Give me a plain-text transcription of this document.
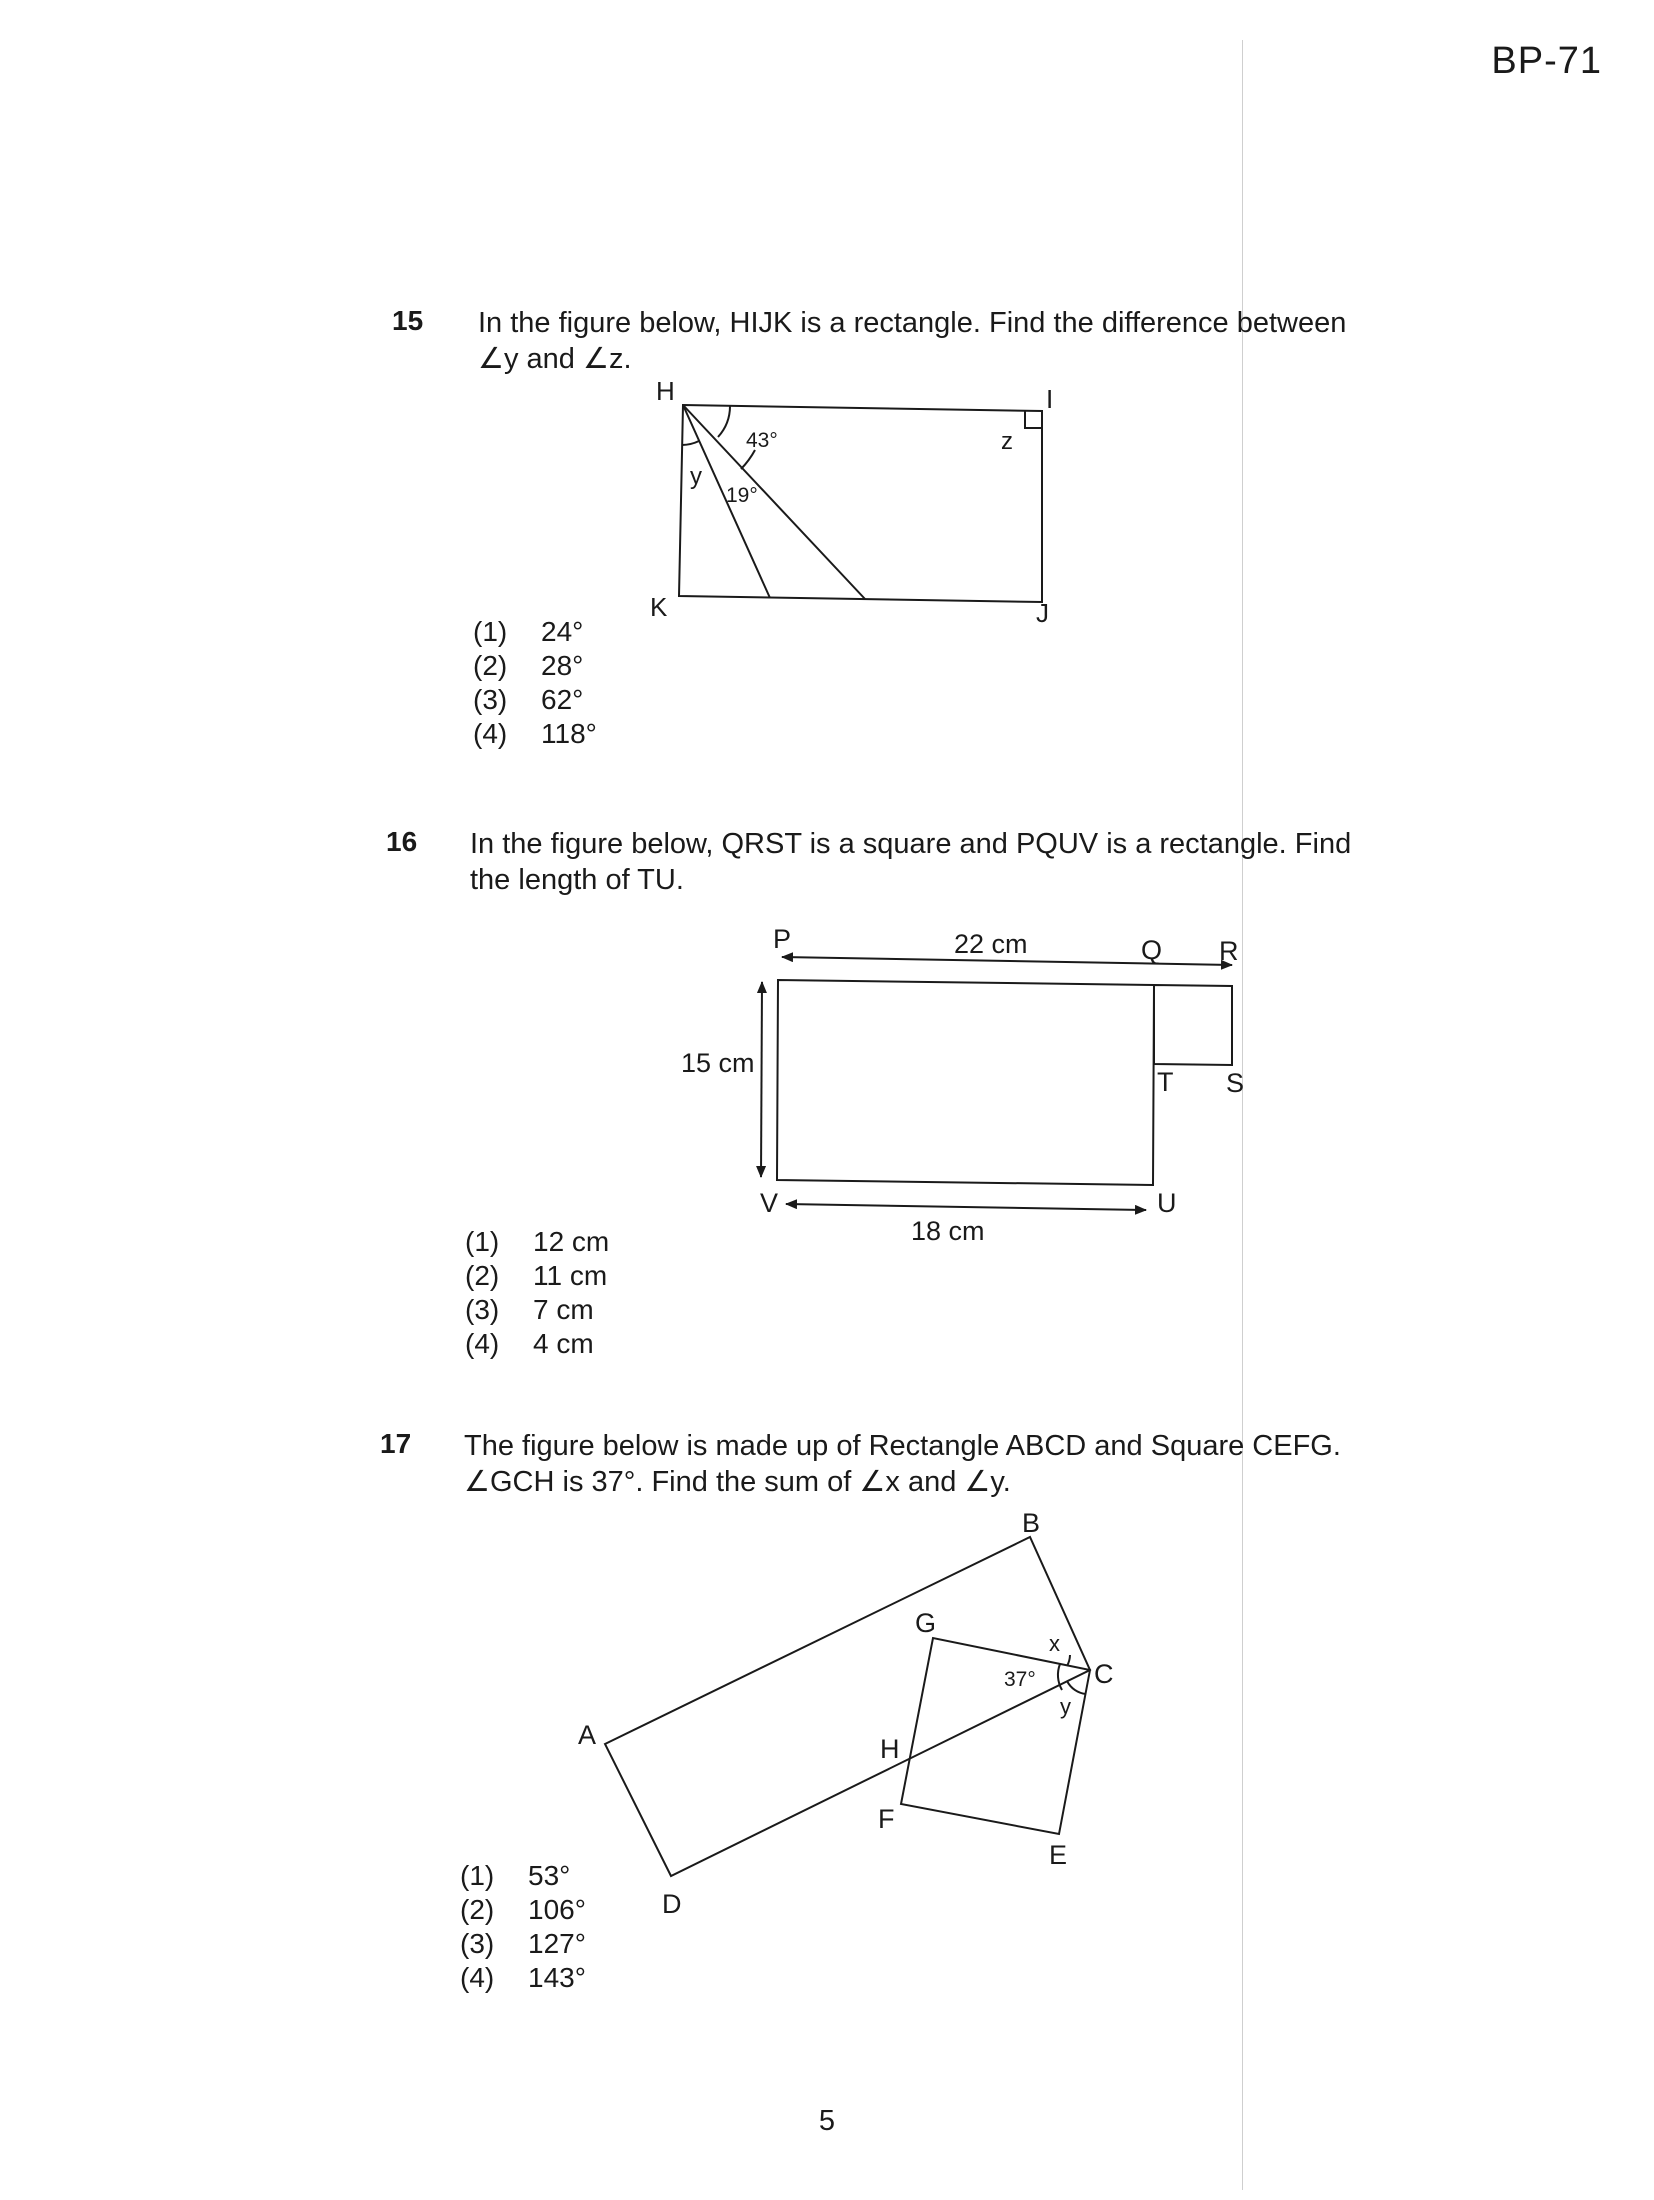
BP-71
15 In the figure below, HIJK is a rectangle. Find the difference between
∠y and ∠z.
H	I
J
K
43°
19°
y
z
(1)	24°
(2)	28°
(3)	62°
(4)	118°
16 In the figure below, QRST is a square and PQUV is a rectangle. Find
the length of TU.
P	Q R
S
T
U
V
22 cm
15 cm
18 cm
(1)	12 cm
(2)	11 cm
(3)	7 cm
(4)	4 cm
17 The figure below is made up of Rectangle ABCD and Square CEFG.
∠GCH is 37°. Find the sum of ∠x and ∠y.
A
B
C
D
E
F
G
H
37°
x
y
(1)	53°
(2)	106°
(3)	127°
(4)	143°
5
